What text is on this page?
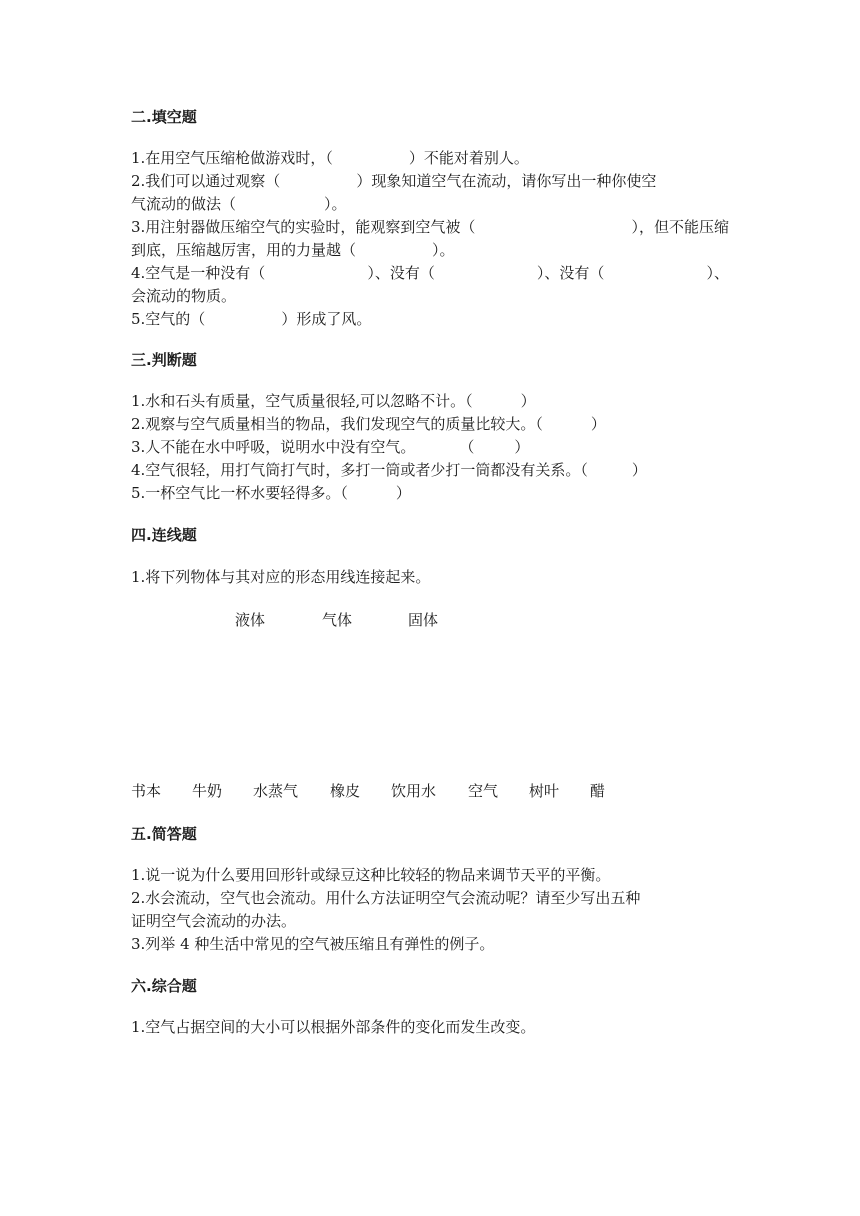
二.填空题
1.在用空气压缩枪做游戏时，（	）不能对着别人。
2.我们可以通过观察（	）现象知道空气在流动，请你写出一种你使空
气流动的做法（	）。
3.用注射器做压缩空气的实验时，能观察到空气被（	），但不能压缩
到底，压缩越厉害，用的力量越（	）。
4.空气是一种没有（	）、没有（	）、没有（	）、
会流动的物质。
5.空气的（	）形成了风。
三.判断题
1.水和石头有质量，空气质量很轻,可以忽略不计。（	）
2.观察与空气质量相当的物品，我们发现空气的质量比较大。（	）
3.人不能在水中呼吸，说明水中没有空气。	（	）
4.空气很轻，用打气筒打气时，多打一筒或者少打一筒都没有关系。（	）
5.一杯空气比一杯水要轻得多。（	）
四.连线题
1.将下列物体与其对应的形态用线连接起来。
液体	气体	固体
书本 牛奶 水蒸气 橡皮 饮用水 空气 树叶 醋
五.简答题
1.说一说为什么要用回形针或绿豆这种比较轻的物品来调节天平的平衡。
2.水会流动，空气也会流动。用什么方法证明空气会流动呢？请至少写出五种
证明空气会流动的办法。
3.列举 4 种生活中常见的空气被压缩且有弹性的例子。
六.综合题
1.空气占据空间的大小可以根据外部条件的变化而发生改变。
